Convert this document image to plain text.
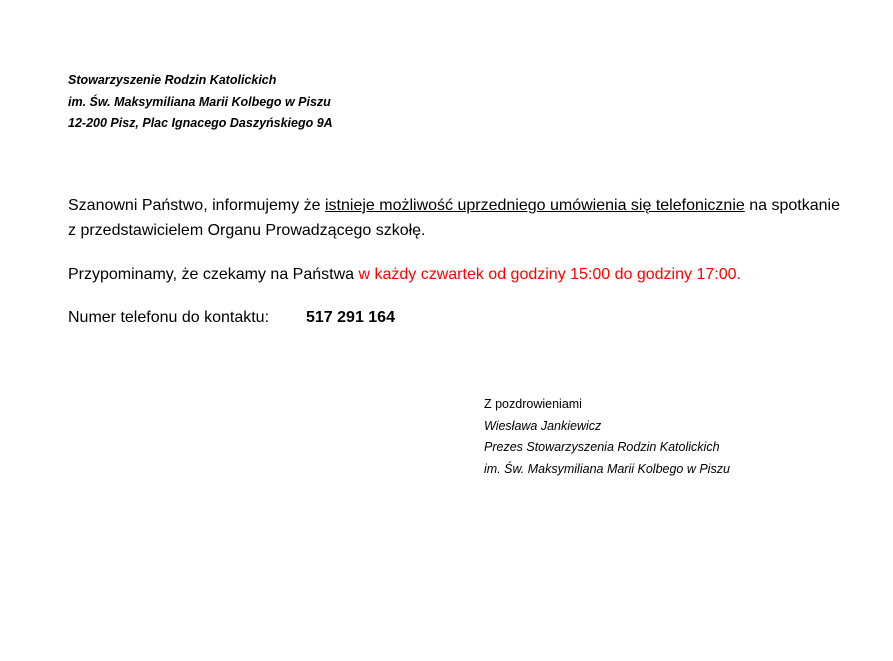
Stowarzyszenie Rodzin Katolickich
im. Św. Maksymiliana Marii Kolbego w Piszu
12-200 Pisz, Plac Ignacego Daszyńskiego 9A
Szanowni Państwo, informujemy że istnieje możliwość uprzedniego umówienia się telefonicznie na spotkanie z przedstawicielem Organu Prowadzącego szkołę.
Przypominamy, że czekamy na Państwa w każdy czwartek od godziny 15:00 do godziny 17:00.
Numer telefonu do kontaktu: 517 291 164
Z pozdrowieniami
Wiesława Jankiewicz
Prezes Stowarzyszenia Rodzin Katolickich
im. Św. Maksymiliana Marii Kolbego w Piszu
